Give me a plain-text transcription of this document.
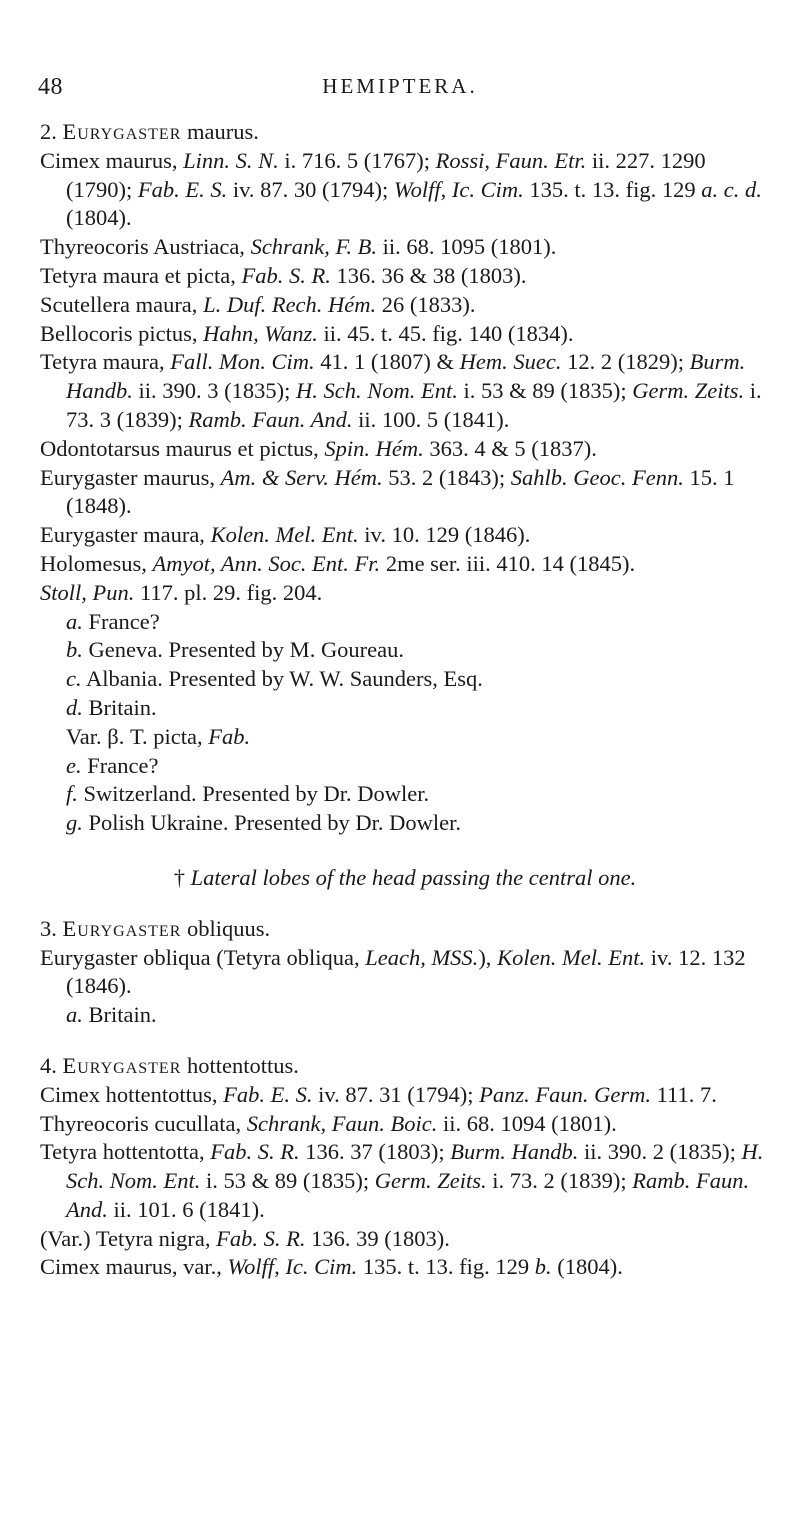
48	HEMIPTERA.

2. Eurygaster maurus.

Cimex maurus, Linn. S. N. i. 716. 5 (1767); Rossi, Faun. Etr. ii. 227. 1290 (1790); Fab. E. S. iv. 87. 30 (1794); Wolff, Ic. Cim. 135. t. 13. fig. 129 a. c. d. (1804).
Thyreocoris Austriaca, Schrank, F. B. ii. 68. 1095 (1801).
Tetyra maura et picta, Fab. S. R. 136. 36 & 38 (1803).
Scutellera maura, L. Duf. Rech. Hém. 26 (1833).
Bellocoris pictus, Hahn, Wanz. ii. 45. t. 45. fig. 140 (1834).
Tetyra maura, Fall. Mon. Cim. 41. 1 (1807) & Hem. Suec. 12. 2 (1829); Burm. Handb. ii. 390. 3 (1835); H. Sch. Nom. Ent. i. 53 & 89 (1835); Germ. Zeits. i. 73. 3 (1839); Ramb. Faun. And. ii. 100. 5 (1841).
Odontotarsus maurus et pictus, Spin. Hém. 363. 4 & 5 (1837).
Eurygaster maurus, Am. & Serv. Hém. 53. 2 (1843); Sahlb. Geoc. Fenn. 15. 1 (1848).
Eurygaster maura, Kolen. Mel. Ent. iv. 10. 129 (1846).
Holomesus, Amyot, Ann. Soc. Ent. Fr. 2me ser. iii. 410. 14 (1845).
Stoll, Pun. 117. pl. 29. fig. 204.
a. France?
b. Geneva. Presented by M. Goureau.
c. Albania. Presented by W. W. Saunders, Esq.
d. Britain.
Var. β. T. picta, Fab.
e. France?
f. Switzerland. Presented by Dr. Dowler.
g. Polish Ukraine. Presented by Dr. Dowler.

† Lateral lobes of the head passing the central one.

3. Eurygaster obliquus.

Eurygaster obliqua (Tetyra obliqua, Leach, MSS.), Kolen. Mel. Ent. iv. 12. 132 (1846).
a. Britain.

4. Eurygaster hottentottus.

Cimex hottentottus, Fab. E. S. iv. 87. 31 (1794); Panz. Faun. Germ. 111. 7.
Thyreocoris cucullata, Schrank, Faun. Boic. ii. 68. 1094 (1801).
Tetyra hottentotta, Fab. S. R. 136. 37 (1803); Burm. Handb. ii. 390. 2 (1835); H. Sch. Nom. Ent. i. 53 & 89 (1835); Germ. Zeits. i. 73. 2 (1839); Ramb. Faun. And. ii. 101. 6 (1841).
(Var.) Tetyra nigra, Fab. S. R. 136. 39 (1803).
Cimex maurus, var., Wolff, Ic. Cim. 135. t. 13. fig. 129 b. (1804).
